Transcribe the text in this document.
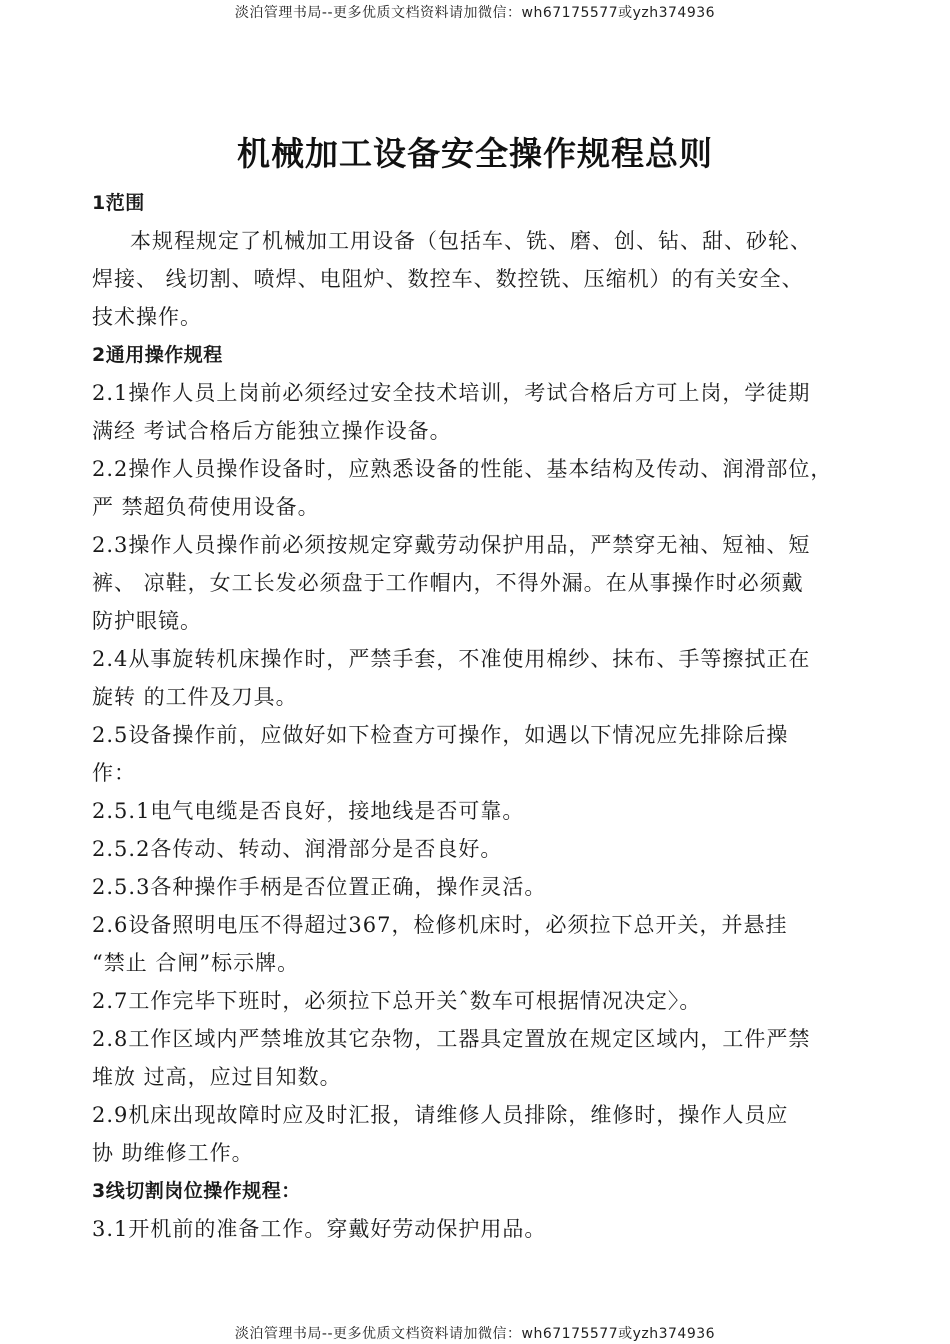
淡泊管理书局--更多优质文档资料请加微信：wh67175577或yzh374936
机械加工设备安全操作规程总则
1范围
本规程规定了机械加工用设备（包括车、铣、磨、创、钻、甜、砂轮、
焊接、 线切割、喷焊、电阻炉、数控车、数控铣、压缩机）的有关安全、
技术操作。
2通用操作规程
2.1操作人员上岗前必须经过安全技术培训，考试合格后方可上岗，学徒期
满经 考试合格后方能独立操作设备。
2.2操作人员操作设备时，应熟悉设备的性能、基本结构及传动、润滑部位，
严 禁超负荷使用设备。
2.3操作人员操作前必须按规定穿戴劳动保护用品，严禁穿无袖、短袖、短
裤、 凉鞋，女工长发必须盘于工作帽内，不得外漏。在从事操作时必须戴
防护眼镜。
2.4从事旋转机床操作时，严禁手套，不准使用棉纱、抹布、手等擦拭正在
旋转 的工件及刀具。
2.5设备操作前，应做好如下检查方可操作，如遇以下情况应先排除后操
作：
2.5.1电气电缆是否良好，接地线是否可靠。
2.5.2各传动、转动、润滑部分是否良好。
2.5.3各种操作手柄是否位置正确，操作灵活。
2.6设备照明电压不得超过367，检修机床时，必须拉下总开关，并悬挂
“禁止 合闸”标示牌。
2.7工作完毕下班时，必须拉下总开关ˆ数车可根据情况决定〉。
2.8工作区域内严禁堆放其它杂物，工器具定置放在规定区域内，工件严禁
堆放 过高，应过目知数。
2.9机床出现故障时应及时汇报，请维修人员排除，维修时，操作人员应
协 助维修工作。
3线切割岗位操作规程：
3.1开机前的准备工作。穿戴好劳动保护用品。
淡泊管理书局--更多优质文档资料请加微信：wh67175577或yzh374936
